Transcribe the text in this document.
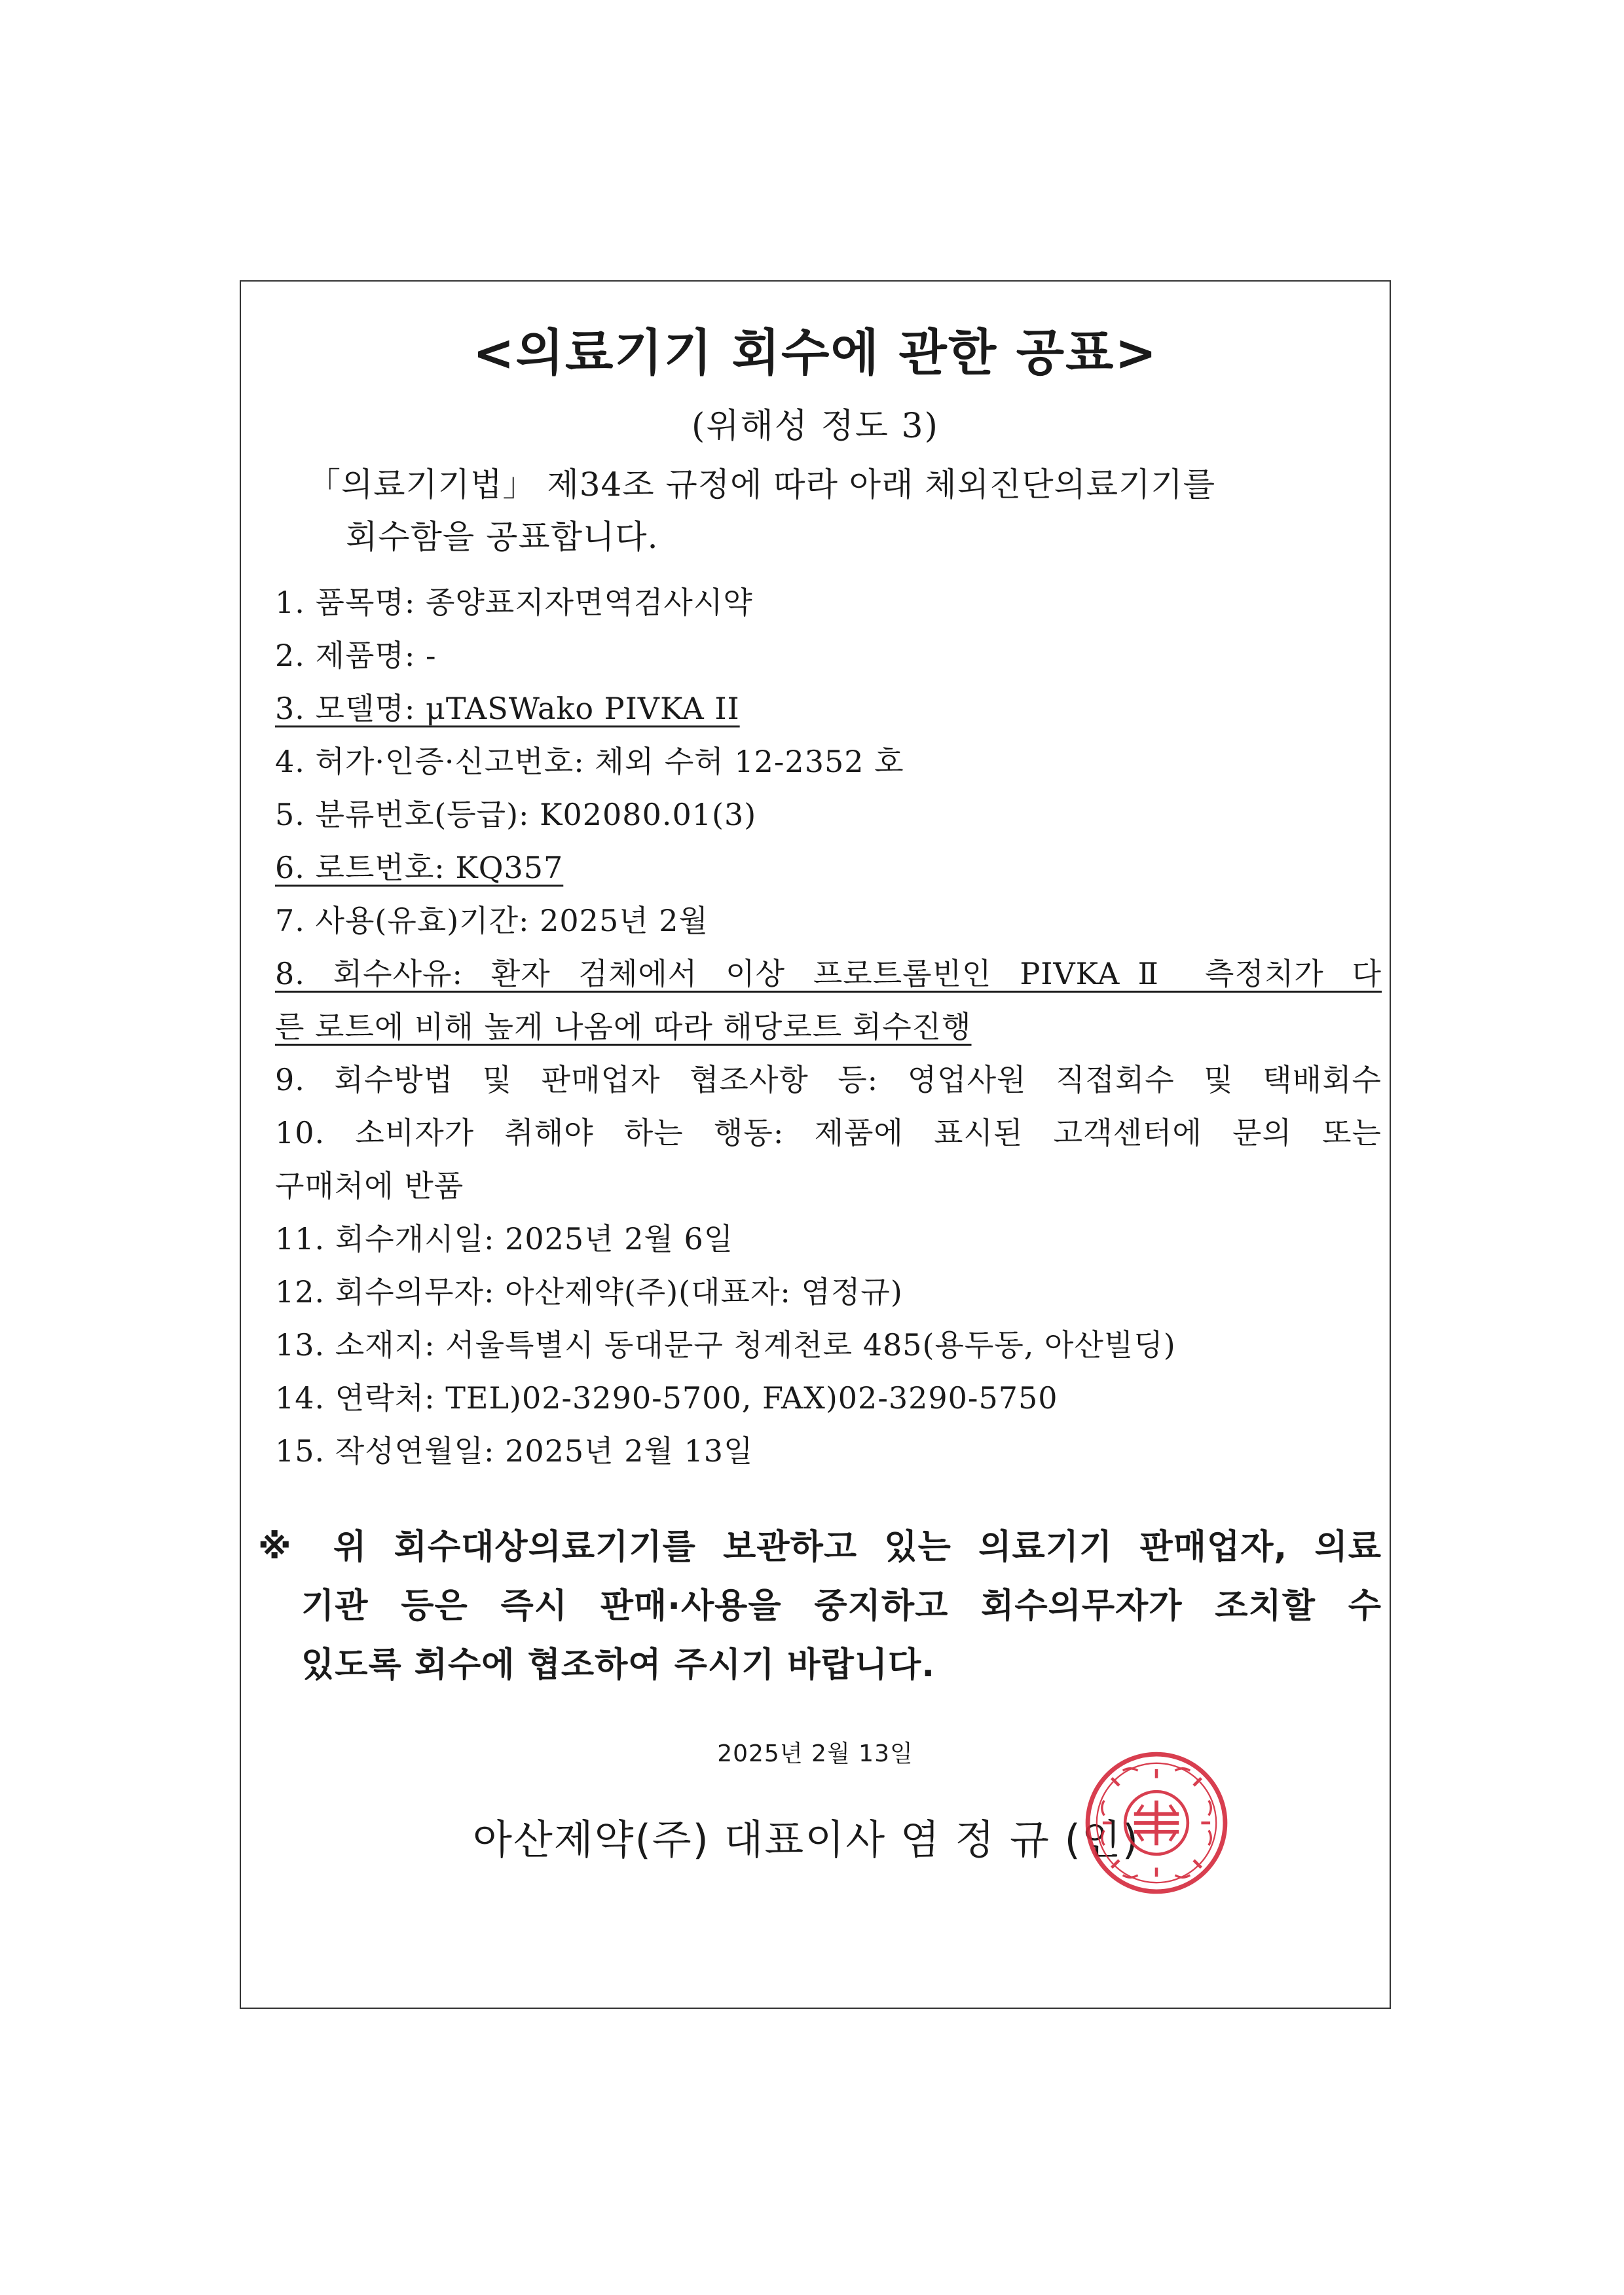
<의료기기 회수에 관한 공표>
(위해성 정도 3)
「의료기기법」 제34조 규정에 따라 아래 체외진단의료기기를
회수함을 공표합니다.
1. 품목명: 종양표지자면역검사시약
2. 제품명: -
3. 모델명: μTASWako PIVKA II
4. 허가·인증·신고번호: 체외 수허 12-2352 호
5. 분류번호(등급): K02080.01(3)
6. 로트번호: KQ357
7. 사용(유효)기간: 2025년 2월
8. 회수사유: 환자 검체에서 이상 프로트롬빈인 PIVKAⅡ 측정치가 다
른 로트에 비해 높게 나옴에 따라 해당로트 회수진행
9. 회수방법 및 판매업자 협조사항 등: 영업사원 직접회수 및 택배회수
10. 소비자가 취해야 하는 행동: 제품에 표시된 고객센터에 문의 또는
구매처에 반품
11. 회수개시일: 2025년 2월 6일
12. 회수의무자: 아산제약(주)(대표자: 염정규)
13. 소재지: 서울특별시 동대문구 청계천로 485(용두동, 아산빌딩)
14. 연락처: TEL)02-3290-5700, FAX)02-3290-5750
15. 작성연월일: 2025년 2월 13일
※ 위 회수대상의료기기를 보관하고 있는 의료기기 판매업자, 의료
기관 등은 즉시 판매·사용을 중지하고 회수의무자가 조치할 수
있도록 회수에 협조하여 주시기 바랍니다.
2025년 2월 13일
아산제약(주) 대표이사 염 정 규 (인)
